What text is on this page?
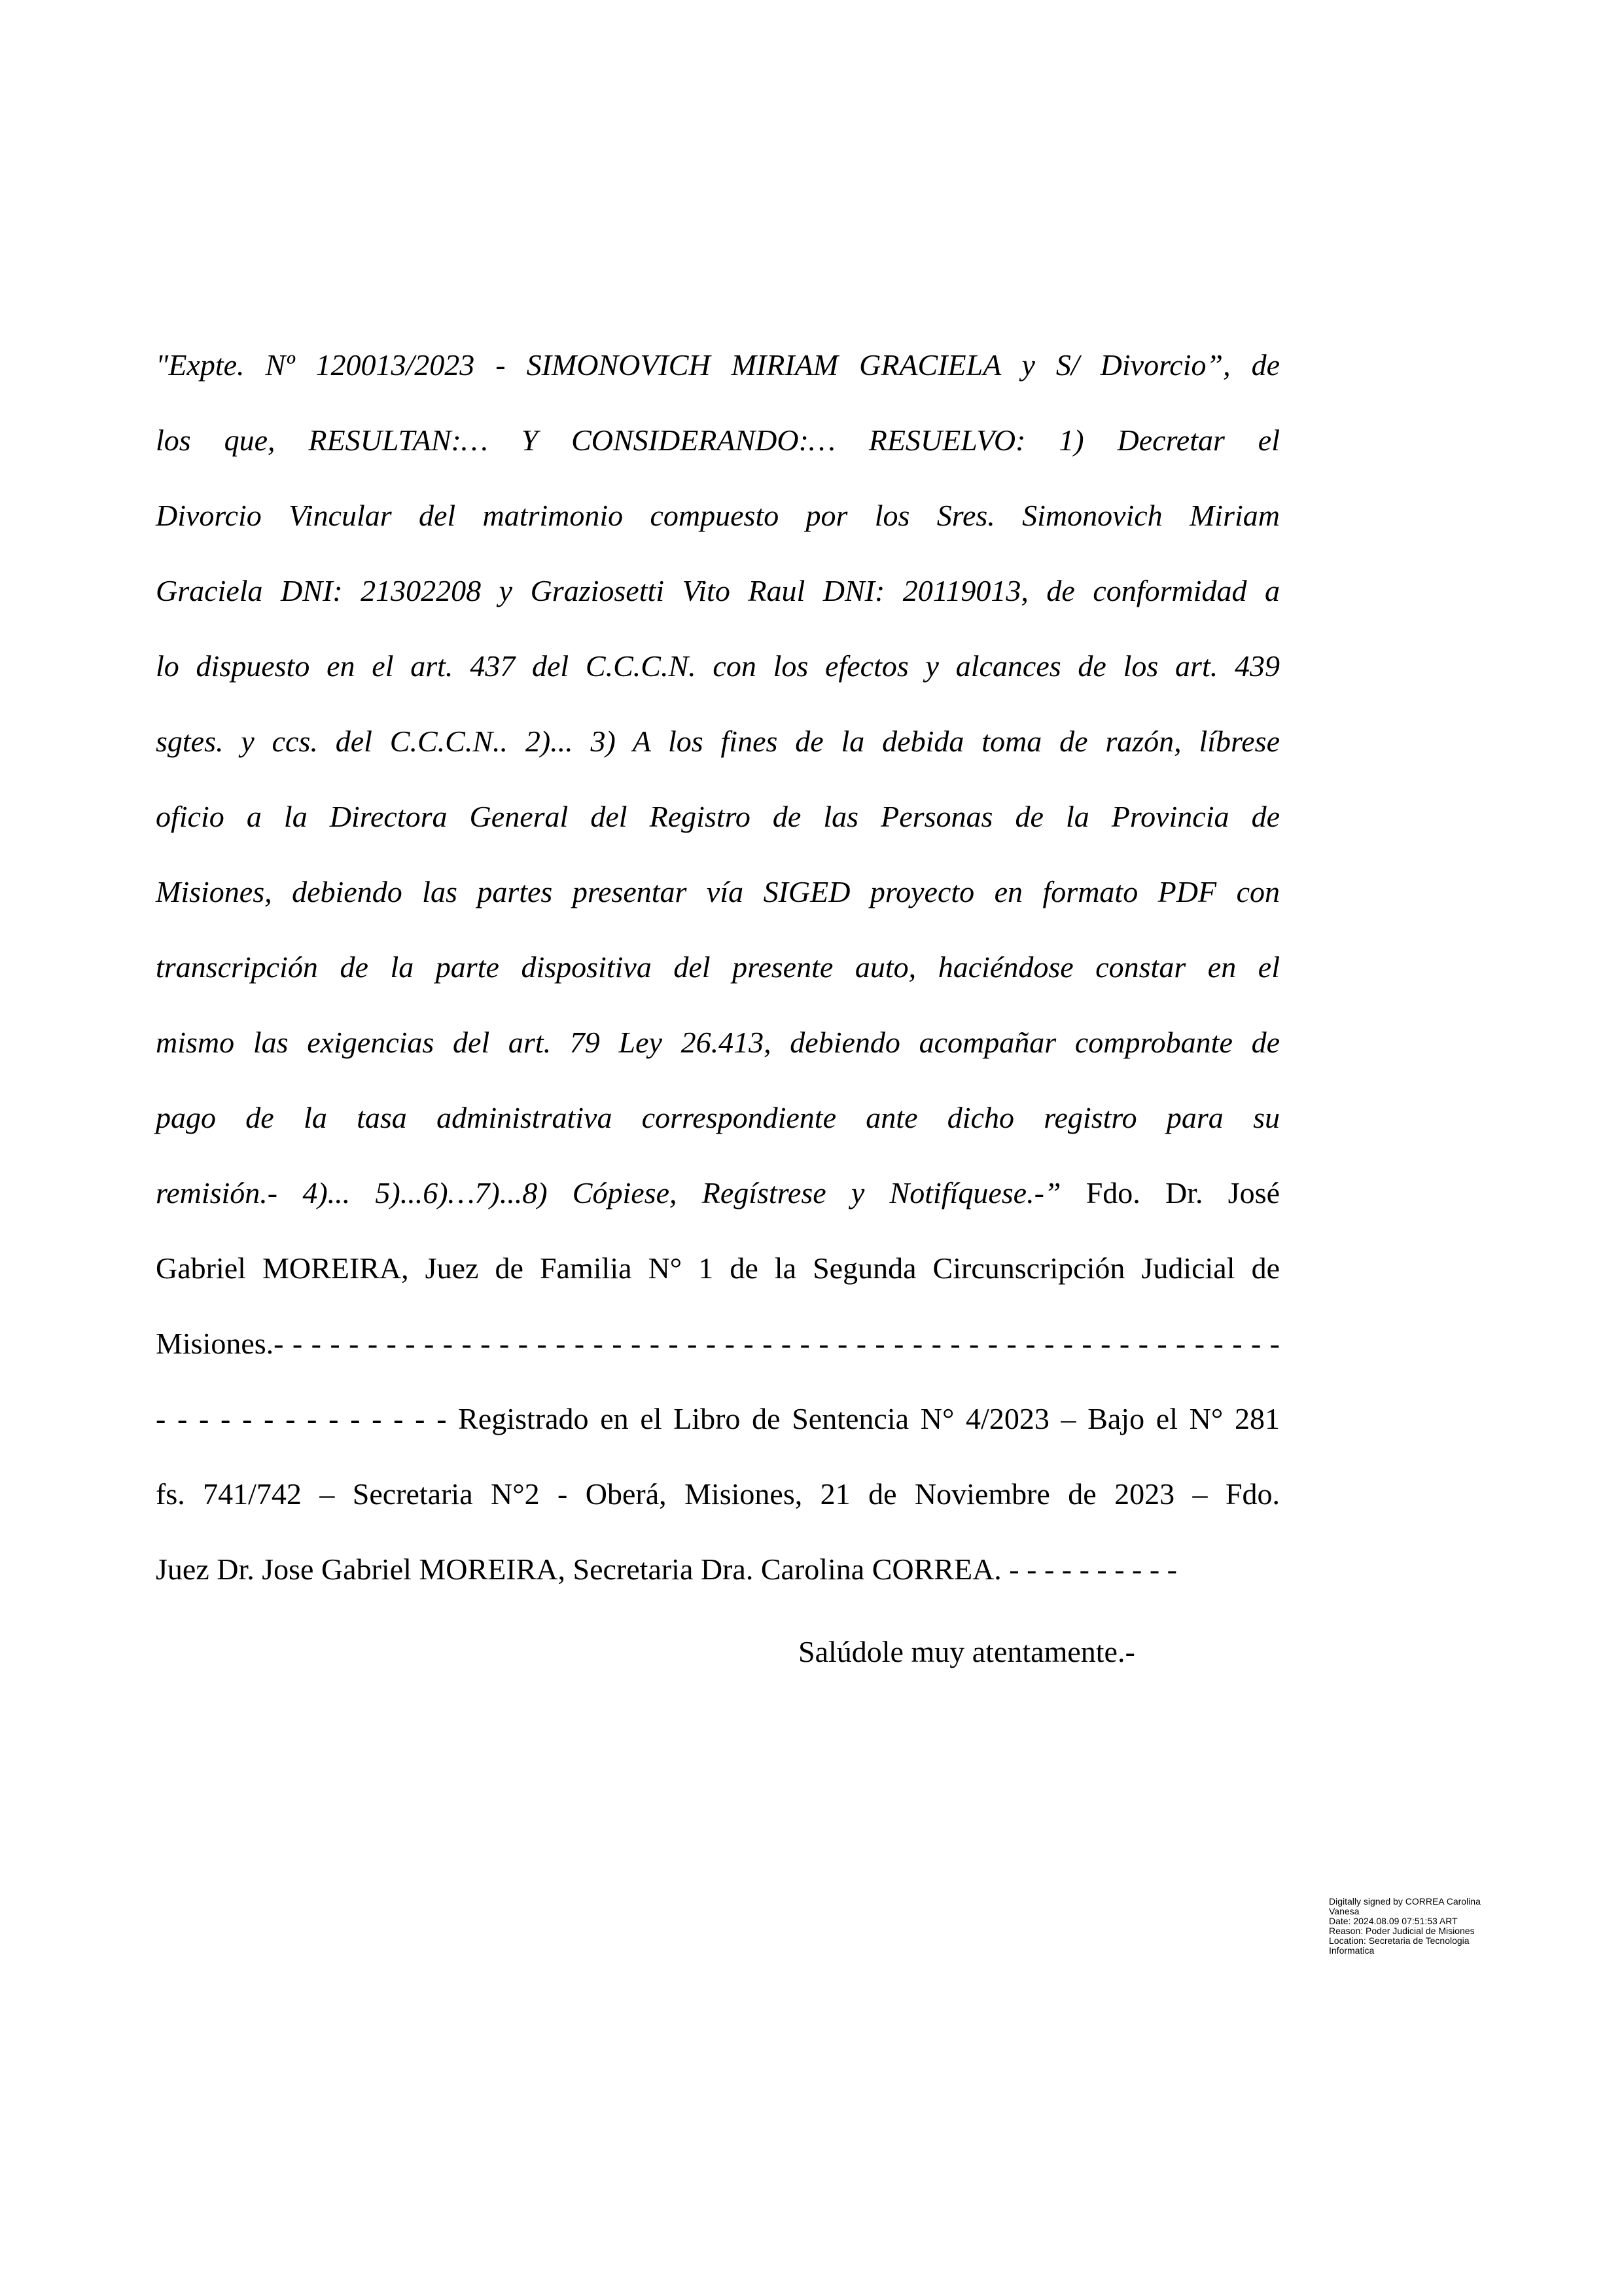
"Expte. Nº 120013/2023 - SIMONOVICH MIRIAM GRACIELA y S/ Divorcio”, de
los que, RESULTAN:… Y CONSIDERANDO:… RESUELVO: 1) Decretar el
Divorcio Vincular del matrimonio compuesto por los Sres. Simonovich Miriam
Graciela DNI: 21302208 y Graziosetti Vito Raul DNI: 20119013, de conformidad a
lo dispuesto en el art. 437 del C.C.C.N. con los efectos y alcances de los art. 439
sgtes. y ccs. del C.C.C.N.. 2)... 3) A los fines de la debida toma de razón, líbrese
oficio a la Directora General del Registro de las Personas de la Provincia de
Misiones, debiendo las partes presentar vía SIGED proyecto en formato PDF con
transcripción de la parte dispositiva del presente auto, haciéndose constar en el
mismo las exigencias del art. 79 Ley 26.413, debiendo acompañar comprobante de
pago de la tasa administrativa correspondiente ante dicho registro para su
remisión.- 4)... 5)...6)…7)...8) Cópiese, Regístrese y Notifíquese.-” Fdo. Dr. José
Gabriel MOREIRA, Juez de Familia N° 1 de la Segunda Circunscripción Judicial de
Misiones.- - - - - - - - - - - - - - - - - - - - - - - - - - - - - - - - - - - - - - - - - - - - - - - - - - - - - -
- - - - - - - - - - - - - - Registrado en el Libro de Sentencia N° 4/2023 – Bajo el N° 281
fs. 741/742 – Secretaria N°2 - Oberá, Misiones, 21 de Noviembre de 2023 – Fdo.
Juez Dr. Jose Gabriel MOREIRA, Secretaria Dra. Carolina CORREA. - - - - - - - - - -
Salúdole muy atentamente.-
Digitally signed by CORREA Carolina
Vanesa
Date: 2024.08.09 07:51:53 ART
Reason: Poder Judicial de Misiones
Location: Secretaria de Tecnologia
Informatica
